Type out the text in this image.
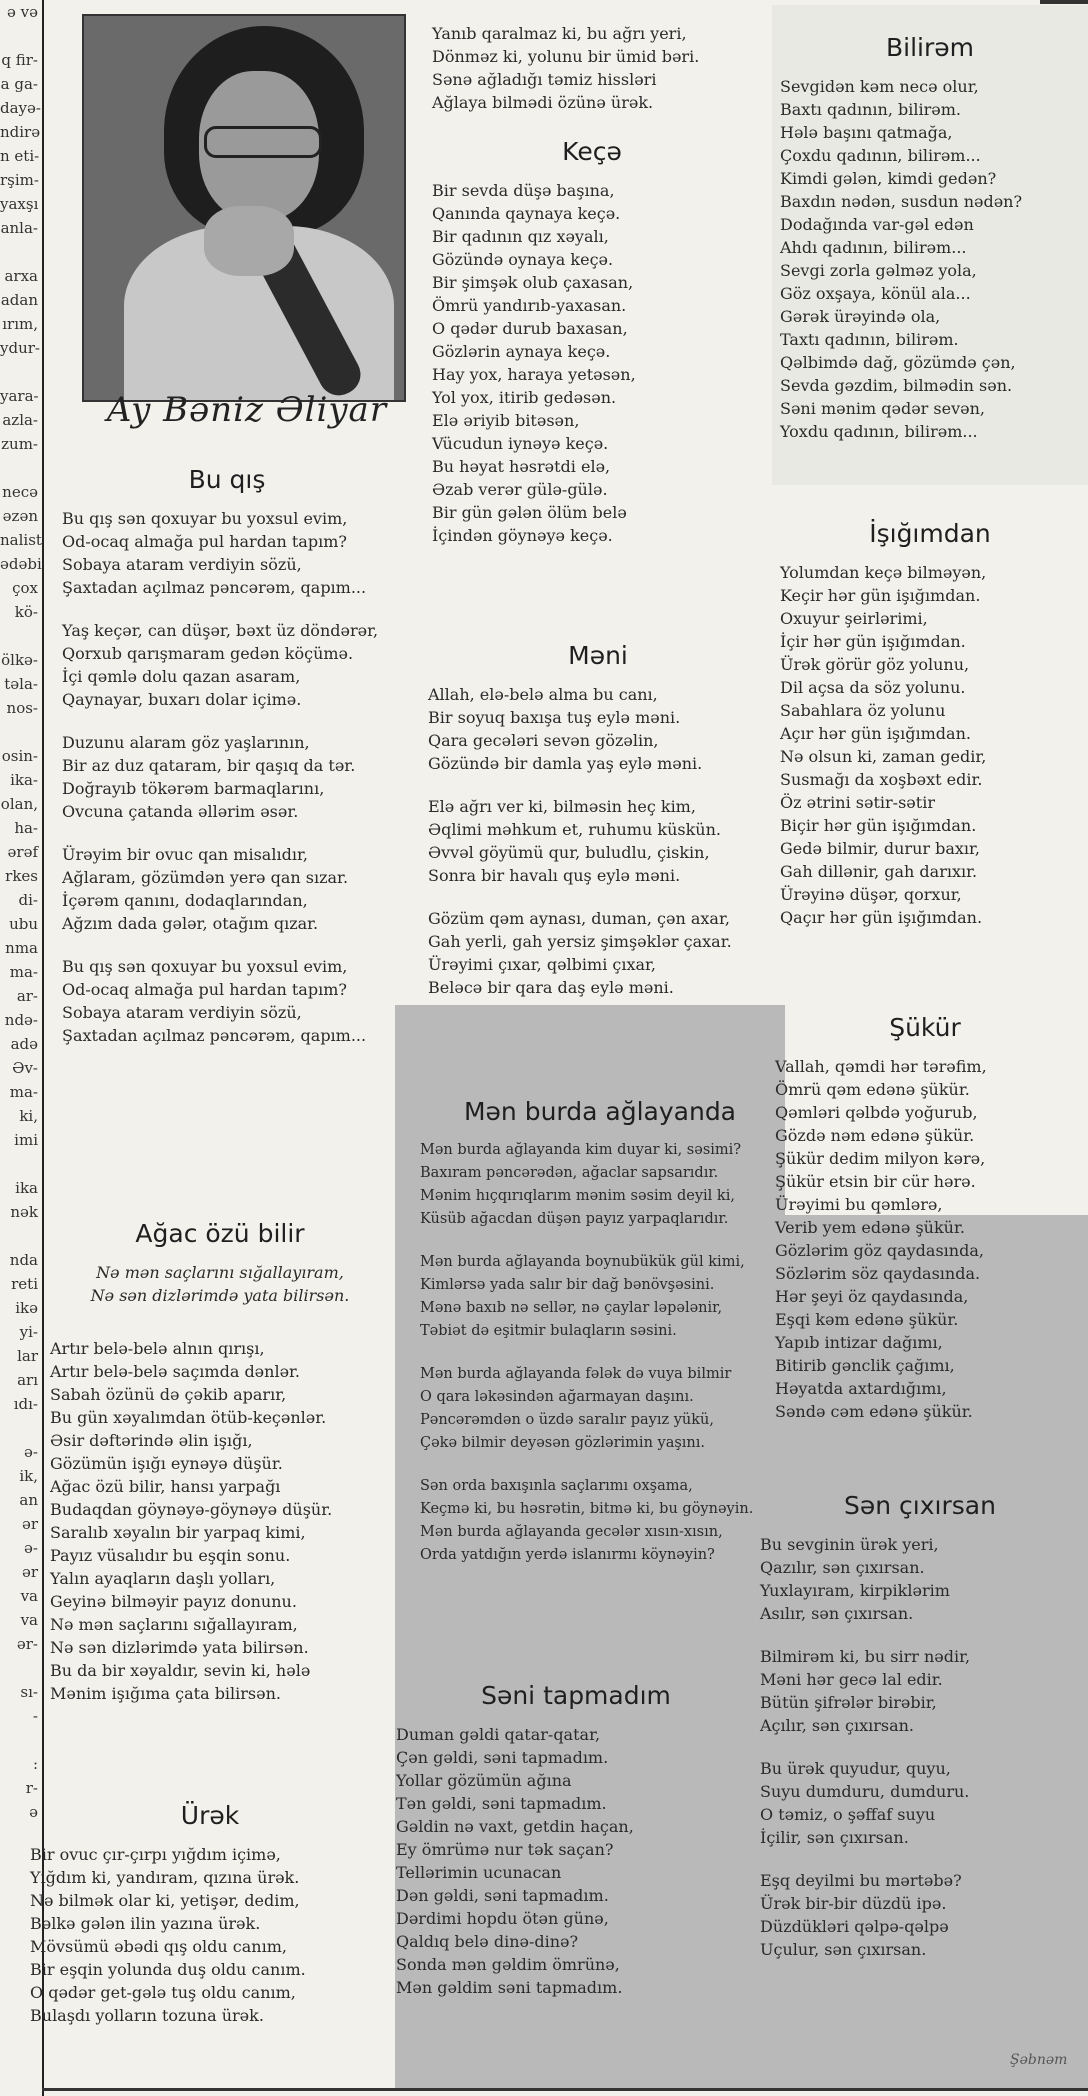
ə və

q fir-
a ga-
dayə-
ndirə
n eti-
rşim-
yaxşı
anla-

arxa
adan
ırım,
ydur-

yara-
azla-
zum-

necə
əzən
nalist
ədəbi
çox
kö-

ölkə-
təla-
nos-

osin-
ika-
olan,
ha-
ərəf
rkes
di-
ubu
nma
ma-
ar-
ndə-
adə
Əv-
ma-
ki,
imi

ika
nək

nda
reti
ikə
yi-
lar
arı
ıdı-

ə-
ik,
an
ər
ə-
ər
va
va
ər-

sı-
-

:
r-
ə
Ay Bəniz Əliyar
Bu qış
Bu qış sən qoxuyar bu yoxsul evim,
Od-ocaq almağa pul hardan tapım?
Sobaya ataram verdiyin sözü,
Şaxtadan açılmaz pəncərəm, qapım...
Yaş keçər, can düşər, bəxt üz döndərər,
Qorxub qarışmaram gedən köçümə.
İçi qəmlə dolu qazan asaram,
Qaynayar, buxarı dolar içimə.
Duzunu alaram göz yaşlarının,
Bir az duz qataram, bir qaşıq da tər.
Doğrayıb tökərəm barmaqlarını,
Ovcuna çatanda əllərim əsər.
Ürəyim bir ovuc qan misalıdır,
Ağlaram, gözümdən yerə qan sızar.
İçərəm qanını, dodaqlarından,
Ağzım dada gələr, otağım qızar.
Bu qış sən qoxuyar bu yoxsul evim,
Od-ocaq almağa pul hardan tapım?
Sobaya ataram verdiyin sözü,
Şaxtadan açılmaz pəncərəm, qapım...
Ağac özü bilir
Nə mən saçlarını sığallayıram,
Nə sən dizlərimdə yata bilirsən.
Artır belə-belə alnın qırışı,
Artır belə-belə saçımda dənlər.
Sabah özünü də çəkib aparır,
Bu gün xəyalımdan ötüb-keçənlər.
Əsir dəftərində əlin işığı,
Gözümün işığı eynəyə düşür.
Ağac özü bilir, hansı yarpağı
Budaqdan göynəyə-göynəyə düşür.
Saralıb xəyalın bir yarpaq kimi,
Payız vüsalıdır bu eşqin sonu.
Yalın ayaqların daşlı yolları,
Geyinə bilməyir payız donunu.
Nə mən saçlarını sığallayıram,
Nə sən dizlərimdə yata bilirsən.
Bu da bir xəyaldır, sevin ki, hələ
Mənim işığıma çata bilirsən.
Ürək
Bir ovuc çır-çırpı yığdım içimə,
Yığdım ki, yandıram, qızına ürək.
Nə bilmək olar ki, yetişər, dedim,
Bəlkə gələn ilin yazına ürək.
Mövsümü əbədi qış oldu canım,
Bir eşqin yolunda duş oldu canım.
O qədər get-gələ tuş oldu canım,
Bulaşdı yolların tozuna ürək.
Yanıb qaralmaz ki, bu ağrı yeri,
Dönməz ki, yolunu bir ümid bəri.
Sənə ağladığı təmiz hissləri
Ağlaya bilmədi özünə ürək.
Keçə
Bir sevda düşə başına,
Qanında qaynaya keçə.
Bir qadının qız xəyalı,
Gözündə oynaya keçə.
Bir şimşək olub çaxasan,
Ömrü yandırıb-yaxasan.
O qədər durub baxasan,
Gözlərin aynaya keçə.
Hay yox, haraya yetəsən,
Yol yox, itirib gedəsən.
Elə əriyib bitəsən,
Vücudun iynəyə keçə.
Bu həyat həsrətdi elə,
Əzab verər gülə-gülə.
Bir gün gələn ölüm belə
İçindən göynəyə keçə.
Məni
Allah, elə-belə alma bu canı,
Bir soyuq baxışa tuş eylə məni.
Qara gecələri sevən gözəlin,
Gözündə bir damla yaş eylə məni.
Elə ağrı ver ki, bilməsin heç kim,
Əqlimi məhkum et, ruhumu küskün.
Əvvəl göyümü qur, buludlu, çiskin,
Sonra bir havalı quş eylə məni.
Gözüm qəm aynası, duman, çən axar,
Gah yerli, gah yersiz şimşəklər çaxar.
Ürəyimi çıxar, qəlbimi çıxar,
Beləcə bir qara daş eylə məni.
Mən burda ağlayanda
Mən burda ağlayanda kim duyar ki, səsimi?
Baxıram pəncərədən, ağaclar sapsarıdır.
Mənim hıçqırıqlarım mənim səsim deyil ki,
Küsüb ağacdan düşən payız yarpaqlarıdır.
Mən burda ağlayanda boynubükük gül kimi,
Kimlərsə yada salır bir dağ bənövşəsini.
Mənə baxıb nə sellər, nə çaylar ləpələnir,
Təbiət də eşitmir bulaqların səsini.
Mən burda ağlayanda fələk də vuya bilmir
O qara ləkəsindən ağarmayan daşını.
Pəncərəmdən o üzdə saralır payız yükü,
Çəkə bilmir deyəsən gözlərimin yaşını.
Sən orda baxışınla saçlarımı oxşama,
Keçmə ki, bu həsrətin, bitmə ki, bu göynəyin.
Mən burda ağlayanda gecələr xısın-xısın,
Orda yatdığın yerdə islanırmı köynəyin?
Səni tapmadım
Duman gəldi qatar-qatar,
Çən gəldi, səni tapmadım.
Yollar gözümün ağına
Tən gəldi, səni tapmadım.
Gəldin nə vaxt, getdin haçan,
Ey ömrümə nur tək saçan?
Tellərimin ucunacan
Dən gəldi, səni tapmadım.
Dərdimi hopdu ötən günə,
Qaldıq belə dinə-dinə?
Sonda mən gəldim ömrünə,
Mən gəldim səni tapmadım.
Bilirəm
Sevgidən kəm necə olur,
Baxtı qadının, bilirəm.
Hələ başını qatmağa,
Çoxdu qadının, bilirəm...
Kimdi gələn, kimdi gedən?
Baxdın nədən, susdun nədən?
Dodağında var-gəl edən
Ahdı qadının, bilirəm...
Sevgi zorla gəlməz yola,
Göz oxşaya, könül ala...
Gərək ürəyində ola,
Taxtı qadının, bilirəm.
Qəlbimdə dağ, gözümdə çən,
Sevda gəzdim, bilmədin sən.
Səni mənim qədər sevən,
Yoxdu qadının, bilirəm...
İşığımdan
Yolumdan keçə bilməyən,
Keçir hər gün işığımdan.
Oxuyur şeirlərimi,
İçir hər gün işığımdan.
Ürək görür göz yolunu,
Dil açsa da söz yolunu.
Sabahlara öz yolunu
Açır hər gün işığımdan.
Nə olsun ki, zaman gedir,
Susmağı da xoşbəxt edir.
Öz ətrini sətir-sətir
Biçir hər gün işığımdan.
Gedə bilmir, durur baxır,
Gah dillənir, gah darıxır.
Ürəyinə düşər, qorxur,
Qaçır hər gün işığımdan.
Şükür
Vallah, qəmdi hər tərəfim,
Ömrü qəm edənə şükür.
Qəmləri qəlbdə yoğurub,
Gözdə nəm edənə şükür.
Şükür dedim milyon kərə,
Şükür etsin bir cür hərə.
Ürəyimi bu qəmlərə,
Verib yem edənə şükür.
Gözlərim göz qaydasında,
Sözlərim söz qaydasında.
Hər şeyi öz qaydasında,
Eşqi kəm edənə şükür.
Yapıb intizar dağımı,
Bitirib gənclik çağımı,
Həyatda axtardığımı,
Səndə cəm edənə şükür.
Sən çıxırsan
Bu sevginin ürək yeri,
Qazılır, sən çıxırsan.
Yuxlayıram, kirpiklərim
Asılır, sən çıxırsan.
Bilmirəm ki, bu sirr nədir,
Məni hər gecə lal edir.
Bütün şifrələr birəbir,
Açılır, sən çıxırsan.
Bu ürək quyudur, quyu,
Suyu dumduru, dumduru.
O təmiz, o şəffaf suyu
İçilir, sən çıxırsan.
Eşq deyilmi bu mərtəbə?
Ürək bir-bir düzdü ipə.
Düzdükləri qəlpə-qəlpə
Uçulur, sən çıxırsan.
Şəbnəm
